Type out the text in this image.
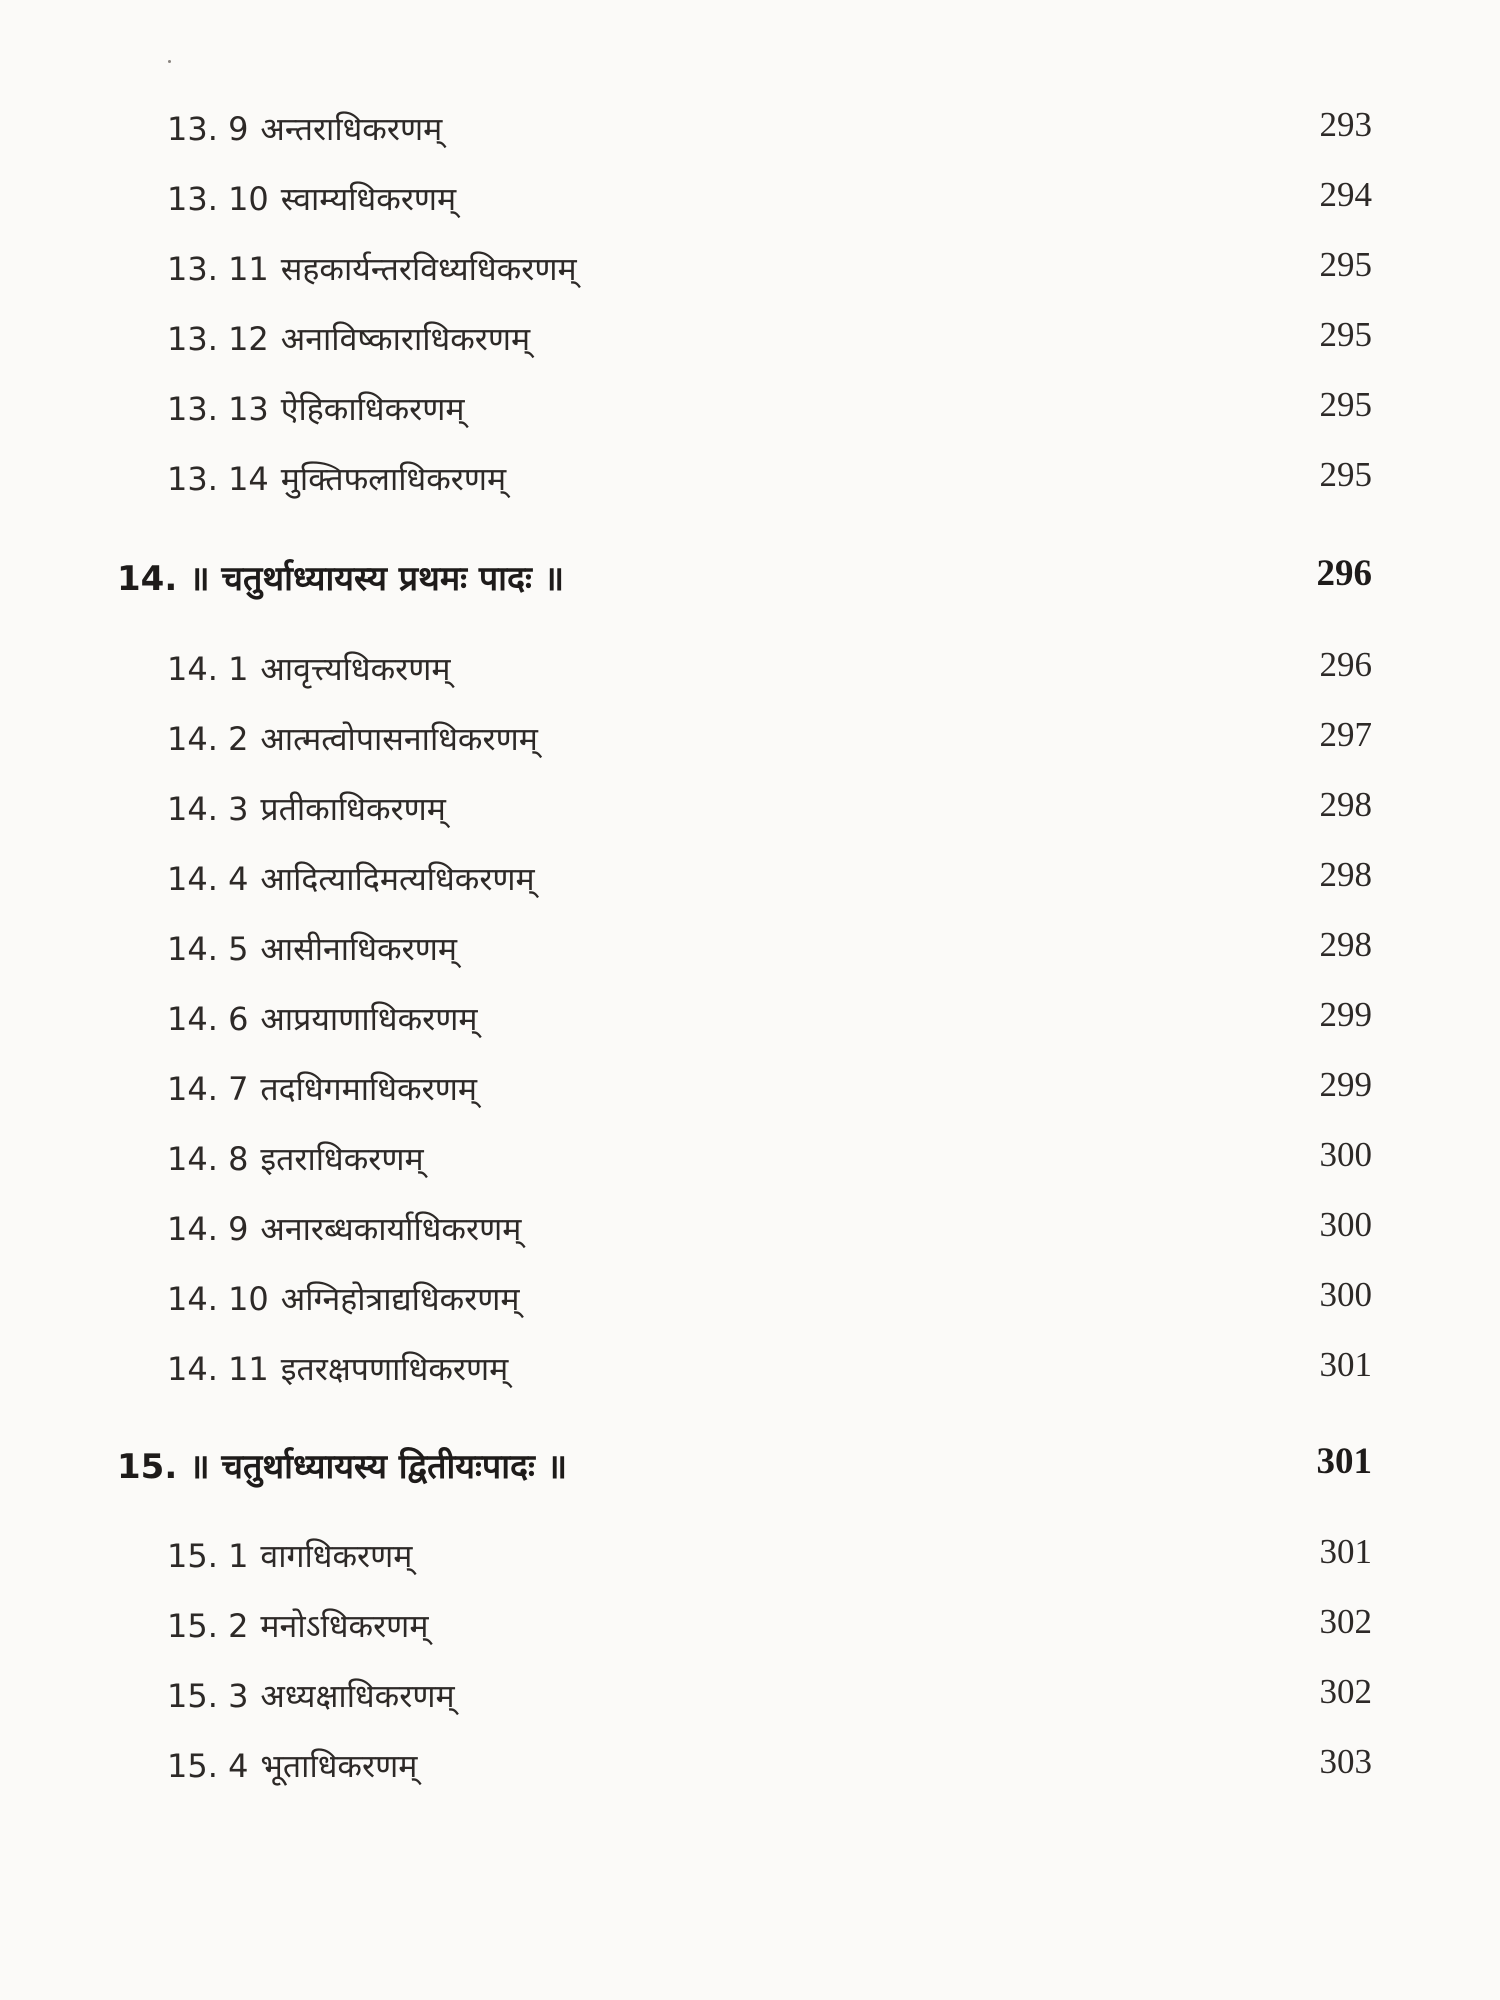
13. 9 अन्तराधिकरणम्	293
13. 10 स्वाम्यधिकरणम्	294
13. 11 सहकार्यन्तरविध्यधिकरणम्	295
13. 12 अनाविष्काराधिकरणम्	295
13. 13 ऐहिकाधिकरणम्	295
13. 14 मुक्तिफलाधिकरणम्	295
14. ॥ चतुर्थाध्यायस्य प्रथमः पादः ॥	296
14. 1 आवृत्त्यधिकरणम्	296
14. 2 आत्मत्वोपासनाधिकरणम्	297
14. 3 प्रतीकाधिकरणम्	298
14. 4 आदित्यादिमत्यधिकरणम्	298
14. 5 आसीनाधिकरणम्	298
14. 6 आप्रयाणाधिकरणम्	299
14. 7 तदधिगमाधिकरणम्	299
14. 8 इतराधिकरणम्	300
14. 9 अनारब्धकार्याधिकरणम्	300
14. 10 अग्निहोत्राद्यधिकरणम्	300
14. 11 इतरक्षपणाधिकरणम्	301
15. ॥ चतुर्थाध्यायस्य द्वितीयःपादः ॥	301
15. 1 वागधिकरणम्	301
15. 2 मनोऽधिकरणम्	302
15. 3 अध्यक्षाधिकरणम्	302
15. 4 भूताधिकरणम्	303
